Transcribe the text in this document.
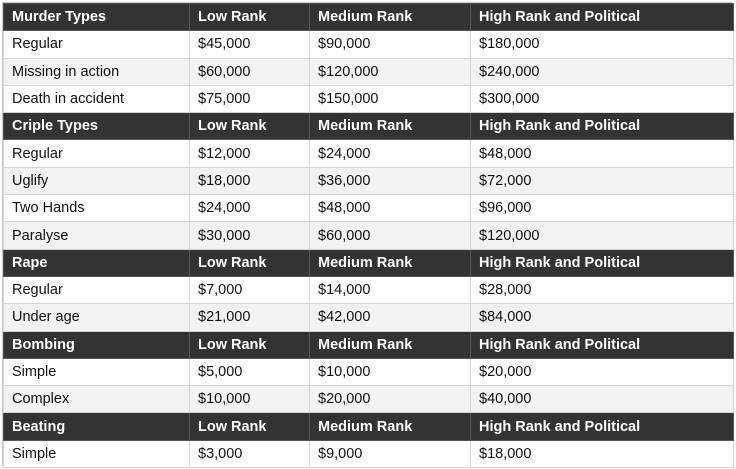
Murder Types	Low Rank	Medium Rank	High Rank and Political
Regular	$45,000	$90,000	$180,000
Missing in action	$60,000	$120,000	$240,000
Death in accident	$75,000	$150,000	$300,000
Criple Types	Low Rank	Medium Rank	High Rank and Political
Regular	$12,000	$24,000	$48,000
Uglify	$18,000	$36,000	$72,000
Two Hands	$24,000	$48,000	$96,000
Paralyse	$30,000	$60,000	$120,000
Rape	Low Rank	Medium Rank	High Rank and Political
Regular	$7,000	$14,000	$28,000
Under age	$21,000	$42,000	$84,000
Bombing	Low Rank	Medium Rank	High Rank and Political
Simple	$5,000	$10,000	$20,000
Complex	$10,000	$20,000	$40,000
Beating	Low Rank	Medium Rank	High Rank and Political
Simple	$3,000	$9,000	$18,000
